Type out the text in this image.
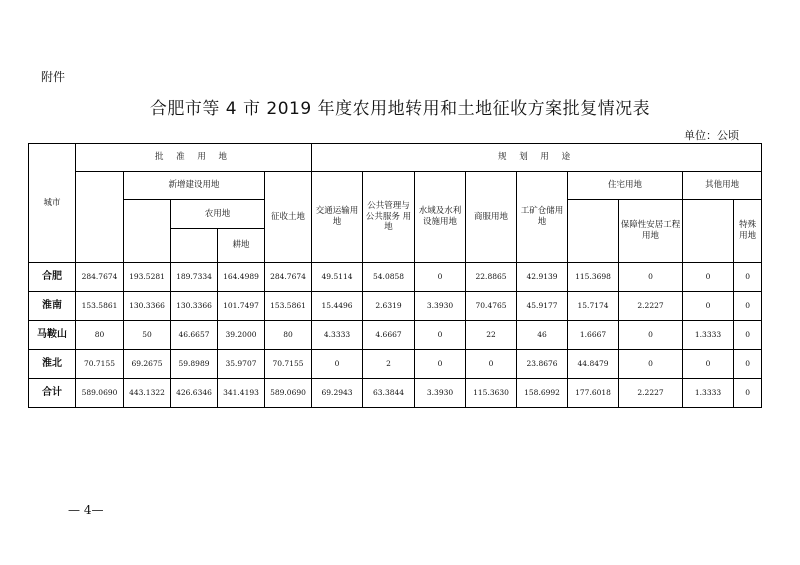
附件
合肥市等 4 市 2019 年度农用地转用和土地征收方案批复情况表
单位：公顷
城市	批 准 用 地					规 划 用 途								
		新增建设用地			征收土地	交通运输用地	公共管理与公共服务 用地	水域及水利设施用地	商服用地	工矿仓储用地	住宅用地		其他用地	
			农用地									保障性安居工程用地		特殊用地
				耕地										
合肥	284.7674	193.5281	189.7334	164.4989	284.7674	49.5114	54.0858	0	22.8865	42.9139	115.3698	0	0	0
淮南	153.5861	130.3366	130.3366	101.7497	153.5861	15.4496	2.6319	3.3930	70.4765	45.9177	15.7174	2.2227	0	0
马鞍山	80	50	46.6657	39.2000	80	4.3333	4.6667	0	22	46	1.6667	0	1.3333	0
淮北	70.7155	69.2675	59.8989	35.9707	70.7155	0	2	0	0	23.8676	44.8479	0	0	0
合计	589.0690	443.1322	426.6346	341.4193	589.0690	69.2943	63.3844	3.3930	115.3630	158.6992	177.6018	2.2227	1.3333	0
— 4—
